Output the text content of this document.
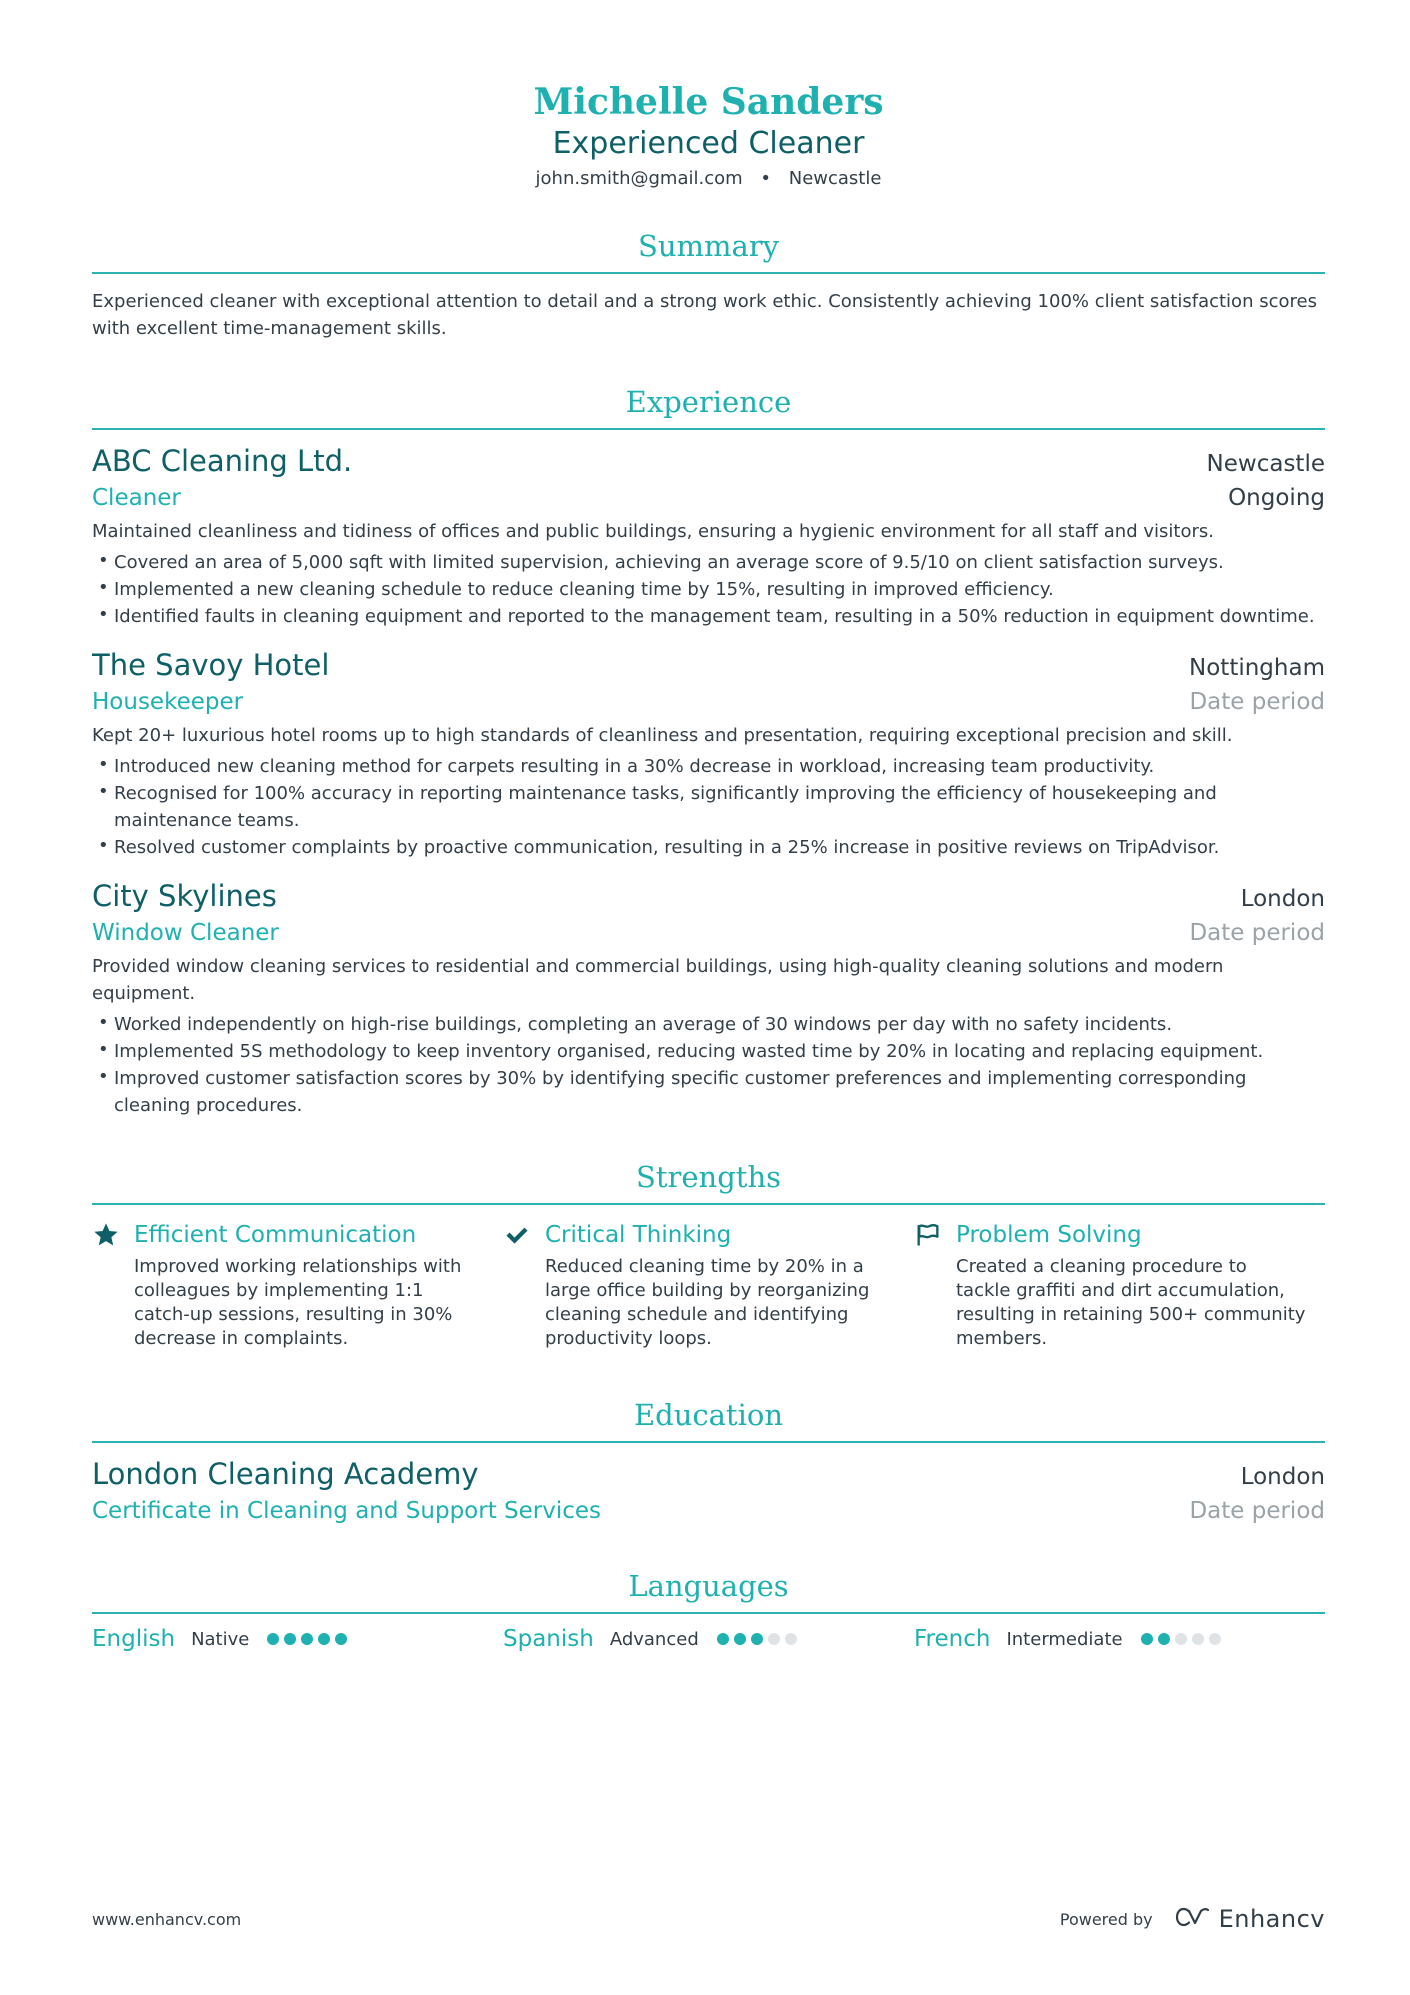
Michelle Sanders
Experienced Cleaner
john.smith@gmail.com • Newcastle
Summary
Experienced cleaner with exceptional attention to detail and a strong work ethic. Consistently achieving 100% client satisfaction scores with excellent time-management skills.
Experience
ABC Cleaning Ltd.	Newcastle
Cleaner	Ongoing
Maintained cleanliness and tidiness of offices and public buildings, ensuring a hygienic environment for all staff and visitors.
• Covered an area of 5,000 sqft with limited supervision, achieving an average score of 9.5/10 on client satisfaction surveys.
• Implemented a new cleaning schedule to reduce cleaning time by 15%, resulting in improved efficiency.
• Identified faults in cleaning equipment and reported to the management team, resulting in a 50% reduction in equipment downtime.
The Savoy Hotel	Nottingham
Housekeeper	Date period
Kept 20+ luxurious hotel rooms up to high standards of cleanliness and presentation, requiring exceptional precision and skill.
• Introduced new cleaning method for carpets resulting in a 30% decrease in workload, increasing team productivity.
• Recognised for 100% accuracy in reporting maintenance tasks, significantly improving the efficiency of housekeeping and maintenance teams.
• Resolved customer complaints by proactive communication, resulting in a 25% increase in positive reviews on TripAdvisor.
City Skylines	London
Window Cleaner	Date period
Provided window cleaning services to residential and commercial buildings, using high-quality cleaning solutions and modern equipment.
• Worked independently on high-rise buildings, completing an average of 30 windows per day with no safety incidents.
• Implemented 5S methodology to keep inventory organised, reducing wasted time by 20% in locating and replacing equipment.
• Improved customer satisfaction scores by 30% by identifying specific customer preferences and implementing corresponding cleaning procedures.
Strengths
Efficient Communication
Improved working relationships with colleagues by implementing 1:1 catch-up sessions, resulting in 30% decrease in complaints.
Critical Thinking
Reduced cleaning time by 20% in a large office building by reorganizing cleaning schedule and identifying productivity loops.
Problem Solving
Created a cleaning procedure to tackle graffiti and dirt accumulation, resulting in retaining 500+ community members.
Education
London Cleaning Academy	London
Certificate in Cleaning and Support Services	Date period
Languages
English Native	Spanish Advanced	French Intermediate
www.enhancv.com	Powered by	Enhancv
